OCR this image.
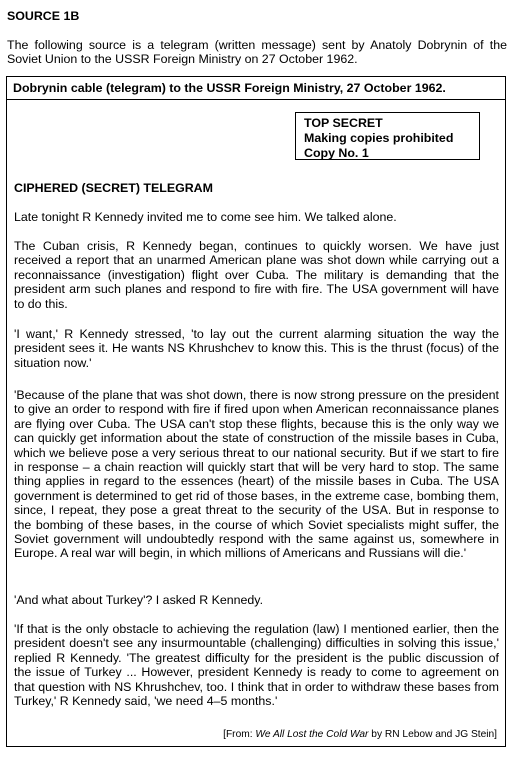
SOURCE 1B
The following source is a telegram (written message) sent by Anatoly Dobrynin of the Soviet Union to the USSR Foreign Ministry on 27 October 1962.
Dobrynin cable (telegram) to the USSR Foreign Ministry, 27 October 1962.
TOP SECRET
Making copies prohibited
Copy No. 1
CIPHERED (SECRET) TELEGRAM
Late tonight R Kennedy invited me to come see him. We talked alone.
The Cuban crisis, R Kennedy began, continues to quickly worsen. We have just received a report that an unarmed American plane was shot down while carrying out a reconnaissance (investigation) flight over Cuba. The military is demanding that the president arm such planes and respond to fire with fire. The USA government will have to do this.
'I want,' R Kennedy stressed, 'to lay out the current alarming situation the way the president sees it. He wants NS Khrushchev to know this. This is the thrust (focus) of the situation now.'
'Because of the plane that was shot down, there is now strong pressure on the president to give an order to respond with fire if fired upon when American reconnaissance planes are flying over Cuba. The USA can't stop these flights, because this is the only way we can quickly get information about the state of construction of the missile bases in Cuba, which we believe pose a very serious threat to our national security. But if we start to fire in response – a chain reaction will quickly start that will be very hard to stop. The same thing applies in regard to the essences (heart) of the missile bases in Cuba. The USA government is determined to get rid of those bases, in the extreme case, bombing them, since, I repeat, they pose a great threat to the security of the USA. But in response to the bombing of these bases, in the course of which Soviet specialists might suffer, the Soviet government will undoubtedly respond with the same against us, somewhere in Europe. A real war will begin, in which millions of Americans and Russians will die.'
'And what about Turkey'? I asked R Kennedy.
'If that is the only obstacle to achieving the regulation (law) I mentioned earlier, then the president doesn't see any insurmountable (challenging) difficulties in solving this issue,' replied R Kennedy. 'The greatest difficulty for the president is the public discussion of the issue of Turkey ... However, president Kennedy is ready to come to agreement on that question with NS Khrushchev, too. I think that in order to withdraw these bases from Turkey,' R Kennedy said, 'we need 4–5 months.'
[From: We All Lost the Cold War by RN Lebow and JG Stein]
